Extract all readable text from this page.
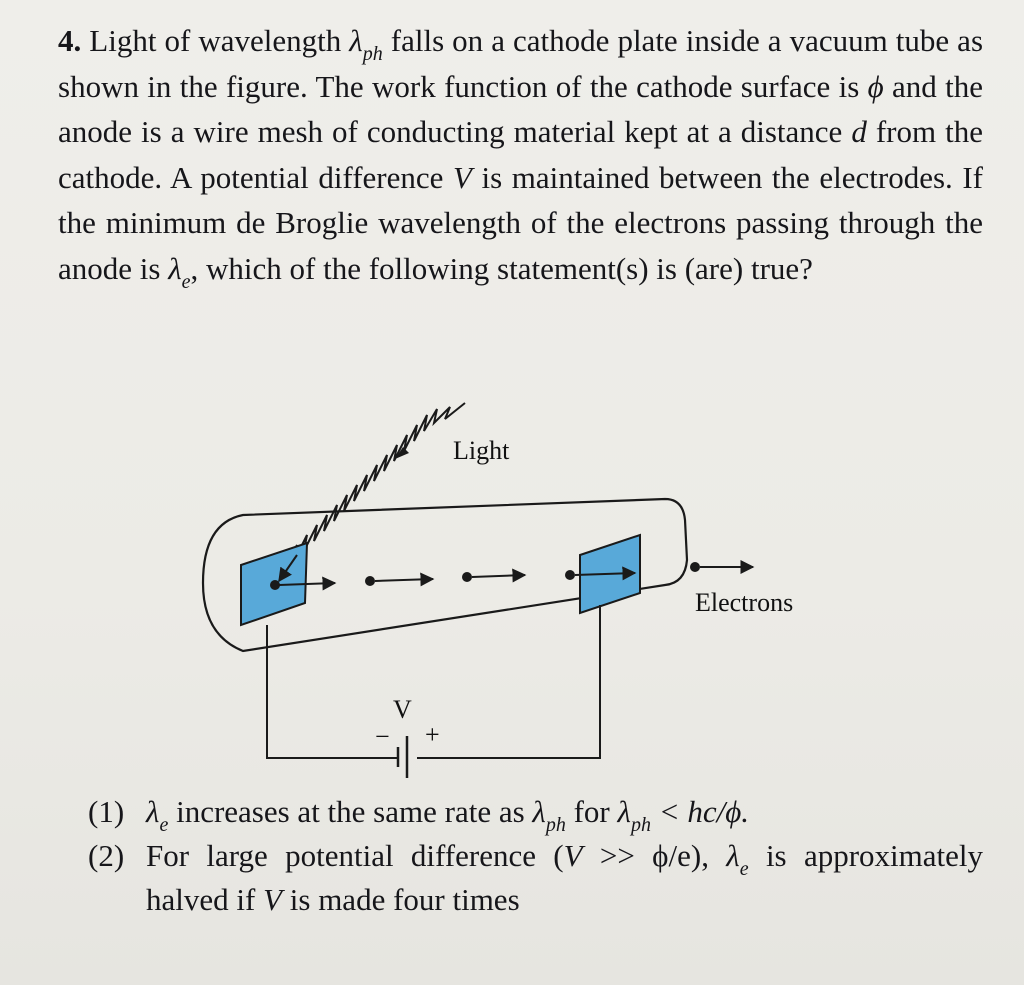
4. Light of wavelength $\lambda_{ph}$ falls on a cathode plate inside a vacuum tube as shown in the figure. The work function of the cathode surface is ϕ and the anode is a wire mesh of conducting material kept at a distance d from the cathode. A potential difference V is maintained between the electrodes. If the minimum de Broglie wavelength of the electrons passing through the anode is $\lambda_e$, which of the following statement(s) is (are) true?
Light
Electrons
V
− +
(1) $\lambda_e$ increases at the same rate as $\lambda_{ph}$ for $\lambda_{ph} < hc/\phi$.
(2) For large potential difference (V >> ϕ/e), $\lambda_e$ is approximately halved if V is made four times
